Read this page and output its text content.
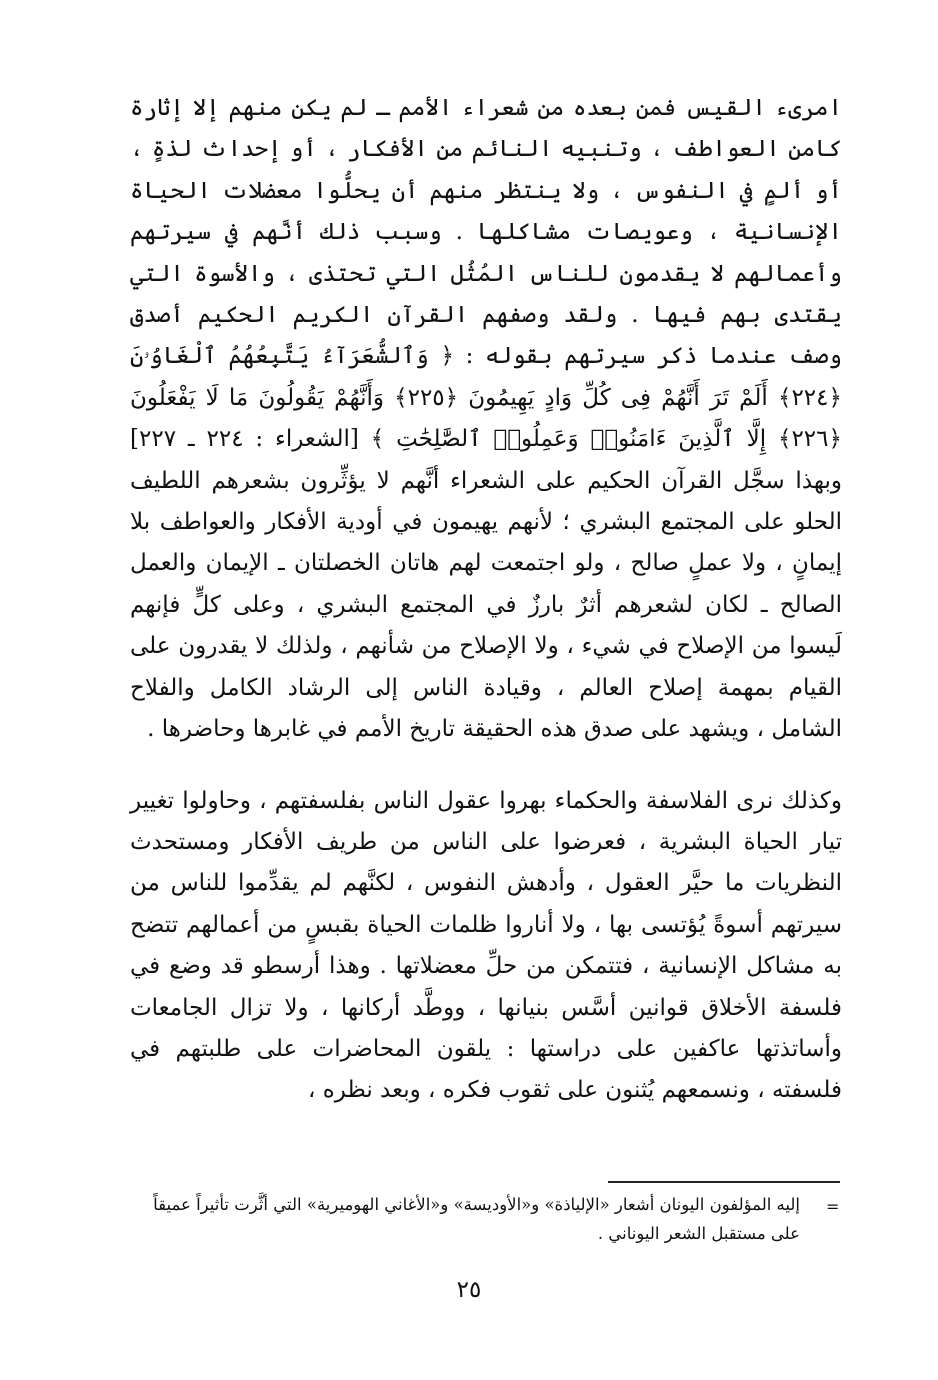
امرىء القيس فمن بعده من شعراء الأمم ـ لم يكن منهم إلا إثارة كامن العواطف ، وتنبيه النائم من الأفكار ، أو إحداث لذةٍ ، أو ألمٍ في النفوس ، ولا ينتظر منهم أن يحلُّوا معضلات الحياة الإنسانية ، وعويصات مشاكلها . وسبب ذلك أنَّهم في سيرتهم وأعمالهم لا يقدمون للناس المُثُل التي تحتذى ، والأسوة التي يقتدى بهم فيها . ولقد وصفهم القرآن الكريم الحكيم أصدق وصف عندما ذكر سيرتهم بقوله : ﴿ وَٱلشُّعَرَآءُ يَتَّبِعُهُمُ ٱلْغَاوُۥنَ ﴿٢٢٤﴾ أَلَمْ تَرَ أَنَّهُمْ فِى كُلِّ وَادٍ يَهِيمُونَ ﴿٢٢٥﴾ وَأَنَّهُمْ يَقُولُونَ مَا لَا يَفْعَلُونَ ﴿٢٢٦﴾ إِلَّا ٱلَّذِينَ ءَامَنُوا۟ وَعَمِلُوا۟ ٱلصَّٰلِحَٰتِ ﴾ [الشعراء : ٢٢٤ ـ ٢٢٧] وبهذا سجَّل القرآن الحكيم على الشعراء أنَّهم لا يؤثِّرون بشعرهم اللطيف الحلو على المجتمع البشري ؛ لأنهم يهيمون في أودية الأفكار والعواطف بلا إيمانٍ ، ولا عملٍ صالح ، ولو اجتمعت لهم هاتان الخصلتان ـ الإيمان والعمل الصالح ـ لكان لشعرهم أثرٌ بارزٌ في المجتمع البشري ، وعلى كلٍّ فإنهم لَيسوا من الإصلاح في شيء ، ولا الإصلاح من شأنهم ، ولذلك لا يقدرون على القيام بمهمة إصلاح العالم ، وقيادة الناس إلى الرشاد الكامل والفلاح الشامل ، ويشهد على صدق هذه الحقيقة تاريخ الأمم في غابرها وحاضرها .

وكذلك نرى الفلاسفة والحكماء بهروا عقول الناس بفلسفتهم ، وحاولوا تغيير تيار الحياة البشرية ، فعرضوا على الناس من طريف الأفكار ومستحدث النظريات ما حيَّر العقول ، وأدهش النفوس ، لكنَّهم لم يقدِّموا للناس من سيرتهم أسوةً يُؤتسى بها ، ولا أناروا ظلمات الحياة بقبسٍ من أعمالهم تتضح به مشاكل الإنسانية ، فتتمكن من حلِّ معضلاتها . وهذا أرسطو قد وضع في فلسفة الأخلاق قوانين أسَّس بنيانها ، ووطَّد أركانها ، ولا تزال الجامعات وأساتذتها عاكفين على دراستها : يلقون المحاضرات على طلبتهم في فلسفته ، ونسمعهم يُثنون على ثقوب فكره ، وبعد نظره ،

=
إليه المؤلفون اليونان أشعار «الإلياذة» و«الأوديسة» و«الأغاني الهوميرية» التي أثَّرت تأثيراً عميقاً على مستقبل الشعر اليوناني .
٢٥
